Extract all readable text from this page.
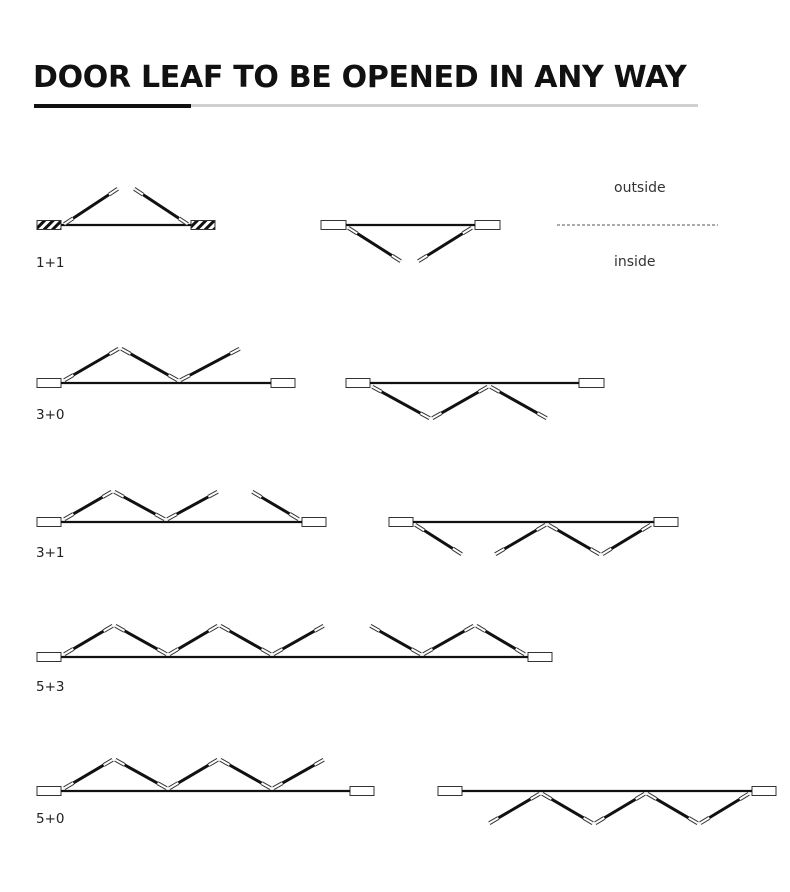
DOOR LEAF TO BE OPENED IN ANY WAY
outside
inside
1+1
3+0
3+1
5+3
5+0
